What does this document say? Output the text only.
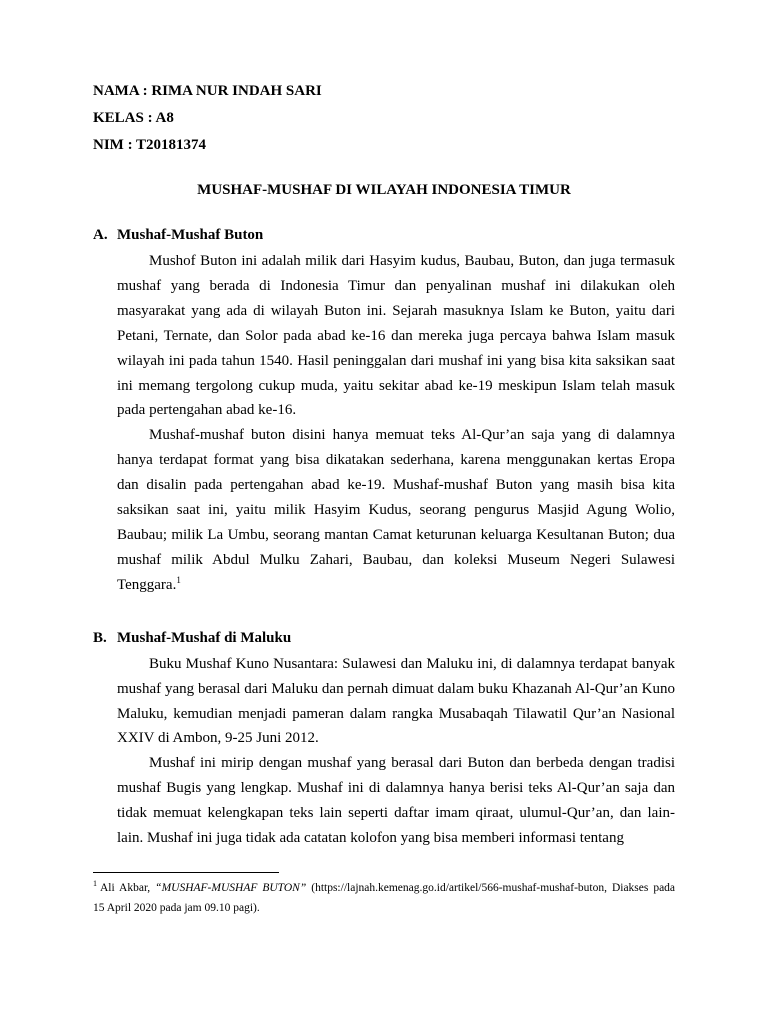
NAMA : RIMA NUR INDAH SARI
KELAS : A8
NIM : T20181374
MUSHAF-MUSHAF DI WILAYAH INDONESIA TIMUR
A. Mushaf-Mushaf Buton

Mushof Buton ini adalah milik dari Hasyim kudus, Baubau, Buton, dan juga termasuk mushaf yang berada di Indonesia Timur dan penyalinan mushaf ini dilakukan oleh masyarakat yang ada di wilayah Buton ini. Sejarah masuknya Islam ke Buton, yaitu dari Petani, Ternate, dan Solor pada abad ke-16 dan mereka juga percaya bahwa Islam masuk wilayah ini pada tahun 1540. Hasil peninggalan dari mushaf ini yang bisa kita saksikan saat ini memang tergolong cukup muda, yaitu sekitar abad ke-19 meskipun Islam telah masuk pada pertengahan abad ke-16.

Mushaf-mushaf buton disini hanya memuat teks Al-Qur’an saja yang di dalamnya hanya terdapat format yang bisa dikatakan sederhana, karena menggunakan kertas Eropa dan disalin pada pertengahan abad ke-19. Mushaf-mushaf Buton yang masih bisa kita saksikan saat ini, yaitu milik Hasyim Kudus, seorang pengurus Masjid Agung Wolio, Baubau; milik La Umbu, seorang mantan Camat keturunan keluarga Kesultanan Buton; dua mushaf milik Abdul Mulku Zahari, Baubau, dan koleksi Museum Negeri Sulawesi Tenggara.$^1$

B. Mushaf-Mushaf di Maluku

Buku Mushaf Kuno Nusantara: Sulawesi dan Maluku ini, di dalamnya terdapat banyak mushaf yang berasal dari Maluku dan pernah dimuat dalam buku Khazanah Al-Qur’an Kuno Maluku, kemudian menjadi pameran dalam rangka Musabaqah Tilawatil Qur’an Nasional XXIV di Ambon, 9-25 Juni 2012.

Mushaf ini mirip dengan mushaf yang berasal dari Buton dan berbeda dengan tradisi mushaf Bugis yang lengkap. Mushaf ini di dalamnya hanya berisi teks Al-Qur’an saja dan tidak memuat kelengkapan teks lain seperti daftar imam qiraat, ulumul-Qur’an, dan lain-lain. Mushaf ini juga tidak ada catatan kolofon yang bisa memberi informasi tentang

$^1$ Ali Akbar, “MUSHAF-MUSHAF BUTON” (https://lajnah.kemenag.go.id/artikel/566-mushaf-mushaf-buton, Diakses pada 15 April 2020 pada jam 09.10 pagi).
